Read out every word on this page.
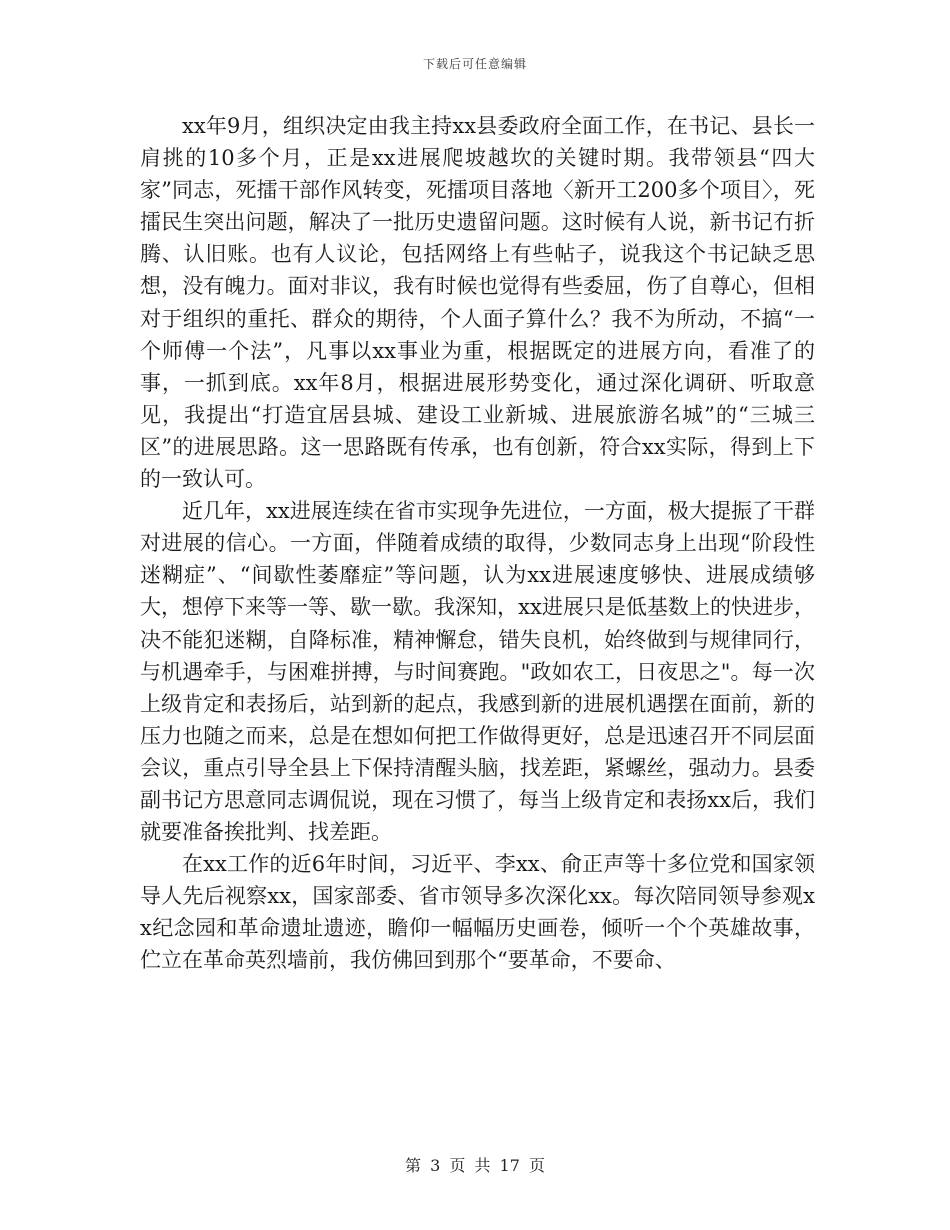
下载后可任意编辑

xx年9月，组织决定由我主持xx县委政府全面工作，在书记、县长一肩挑的10多个月，正是xx进展爬坡越坎的关键时期。我带领县“四大家”同志，死擂干部作风转变，死擂项目落地〈新开工200多个项目〉，死擂民生突出问题，解决了一批历史遗留问题。这时候有人说，新书记冇折腾、认旧账。也有人议论，包括网络上有些帖子，说我这个书记缺乏思想，没有魄力。面对非议，我有时候也觉得有些委屈，伤了自尊心，但相对于组织的重托、群众的期待，个人面子算什么？我不为所动，不搞“一个师傅一个法”，凡事以xx事业为重，根据既定的进展方向，看准了的事，一抓到底。xx年8月，根据进展形势变化，通过深化调研、听取意见，我提出“打造宜居县城、建设工业新城、进展旅游名城”的“三城三区”的进展思路。这一思路既有传承，也有创新，符合xx实际，得到上下的一致认可。

近几年，xx进展连续在省市实现争先进位，一方面，极大提振了干群对进展的信心。一方面，伴随着成绩的取得，少数同志身上出现“阶段性迷糊症”、“间歇性萎靡症”等问题，认为xx进展速度够快、进展成绩够大，想停下来等一等、歇一歇。我深知，xx进展只是低基数上的快进步，决不能犯迷糊，自降标准，精神懈怠，错失良机，始终做到与规律同行，与机遇牵手，与困难拼搏，与时间赛跑。"政如农工，日夜思之"。每一次上级肯定和表扬后，站到新的起点，我感到新的进展机遇摆在面前，新的压力也随之而来，总是在想如何把工作做得更好，总是迅速召开不同层面会议，重点引导全县上下保持清醒头脑，找差距，紧螺丝，强动力。县委副书记方思意同志调侃说，现在习惯了，每当上级肯定和表扬xx后，我们就要准备挨批判、找差距。

在xx工作的近6年时间，习近平、李xx、俞正声等十多位党和国家领导人先后视察xx，国家部委、省市领导多次深化xx。每次陪同领导参观xx纪念园和革命遗址遗迹，瞻仰一幅幅历史画卷，倾听一个个英雄故事，伫立在革命英烈墙前，我仿佛回到那个“要革命，不要命、

第 3 页 共 17 页
